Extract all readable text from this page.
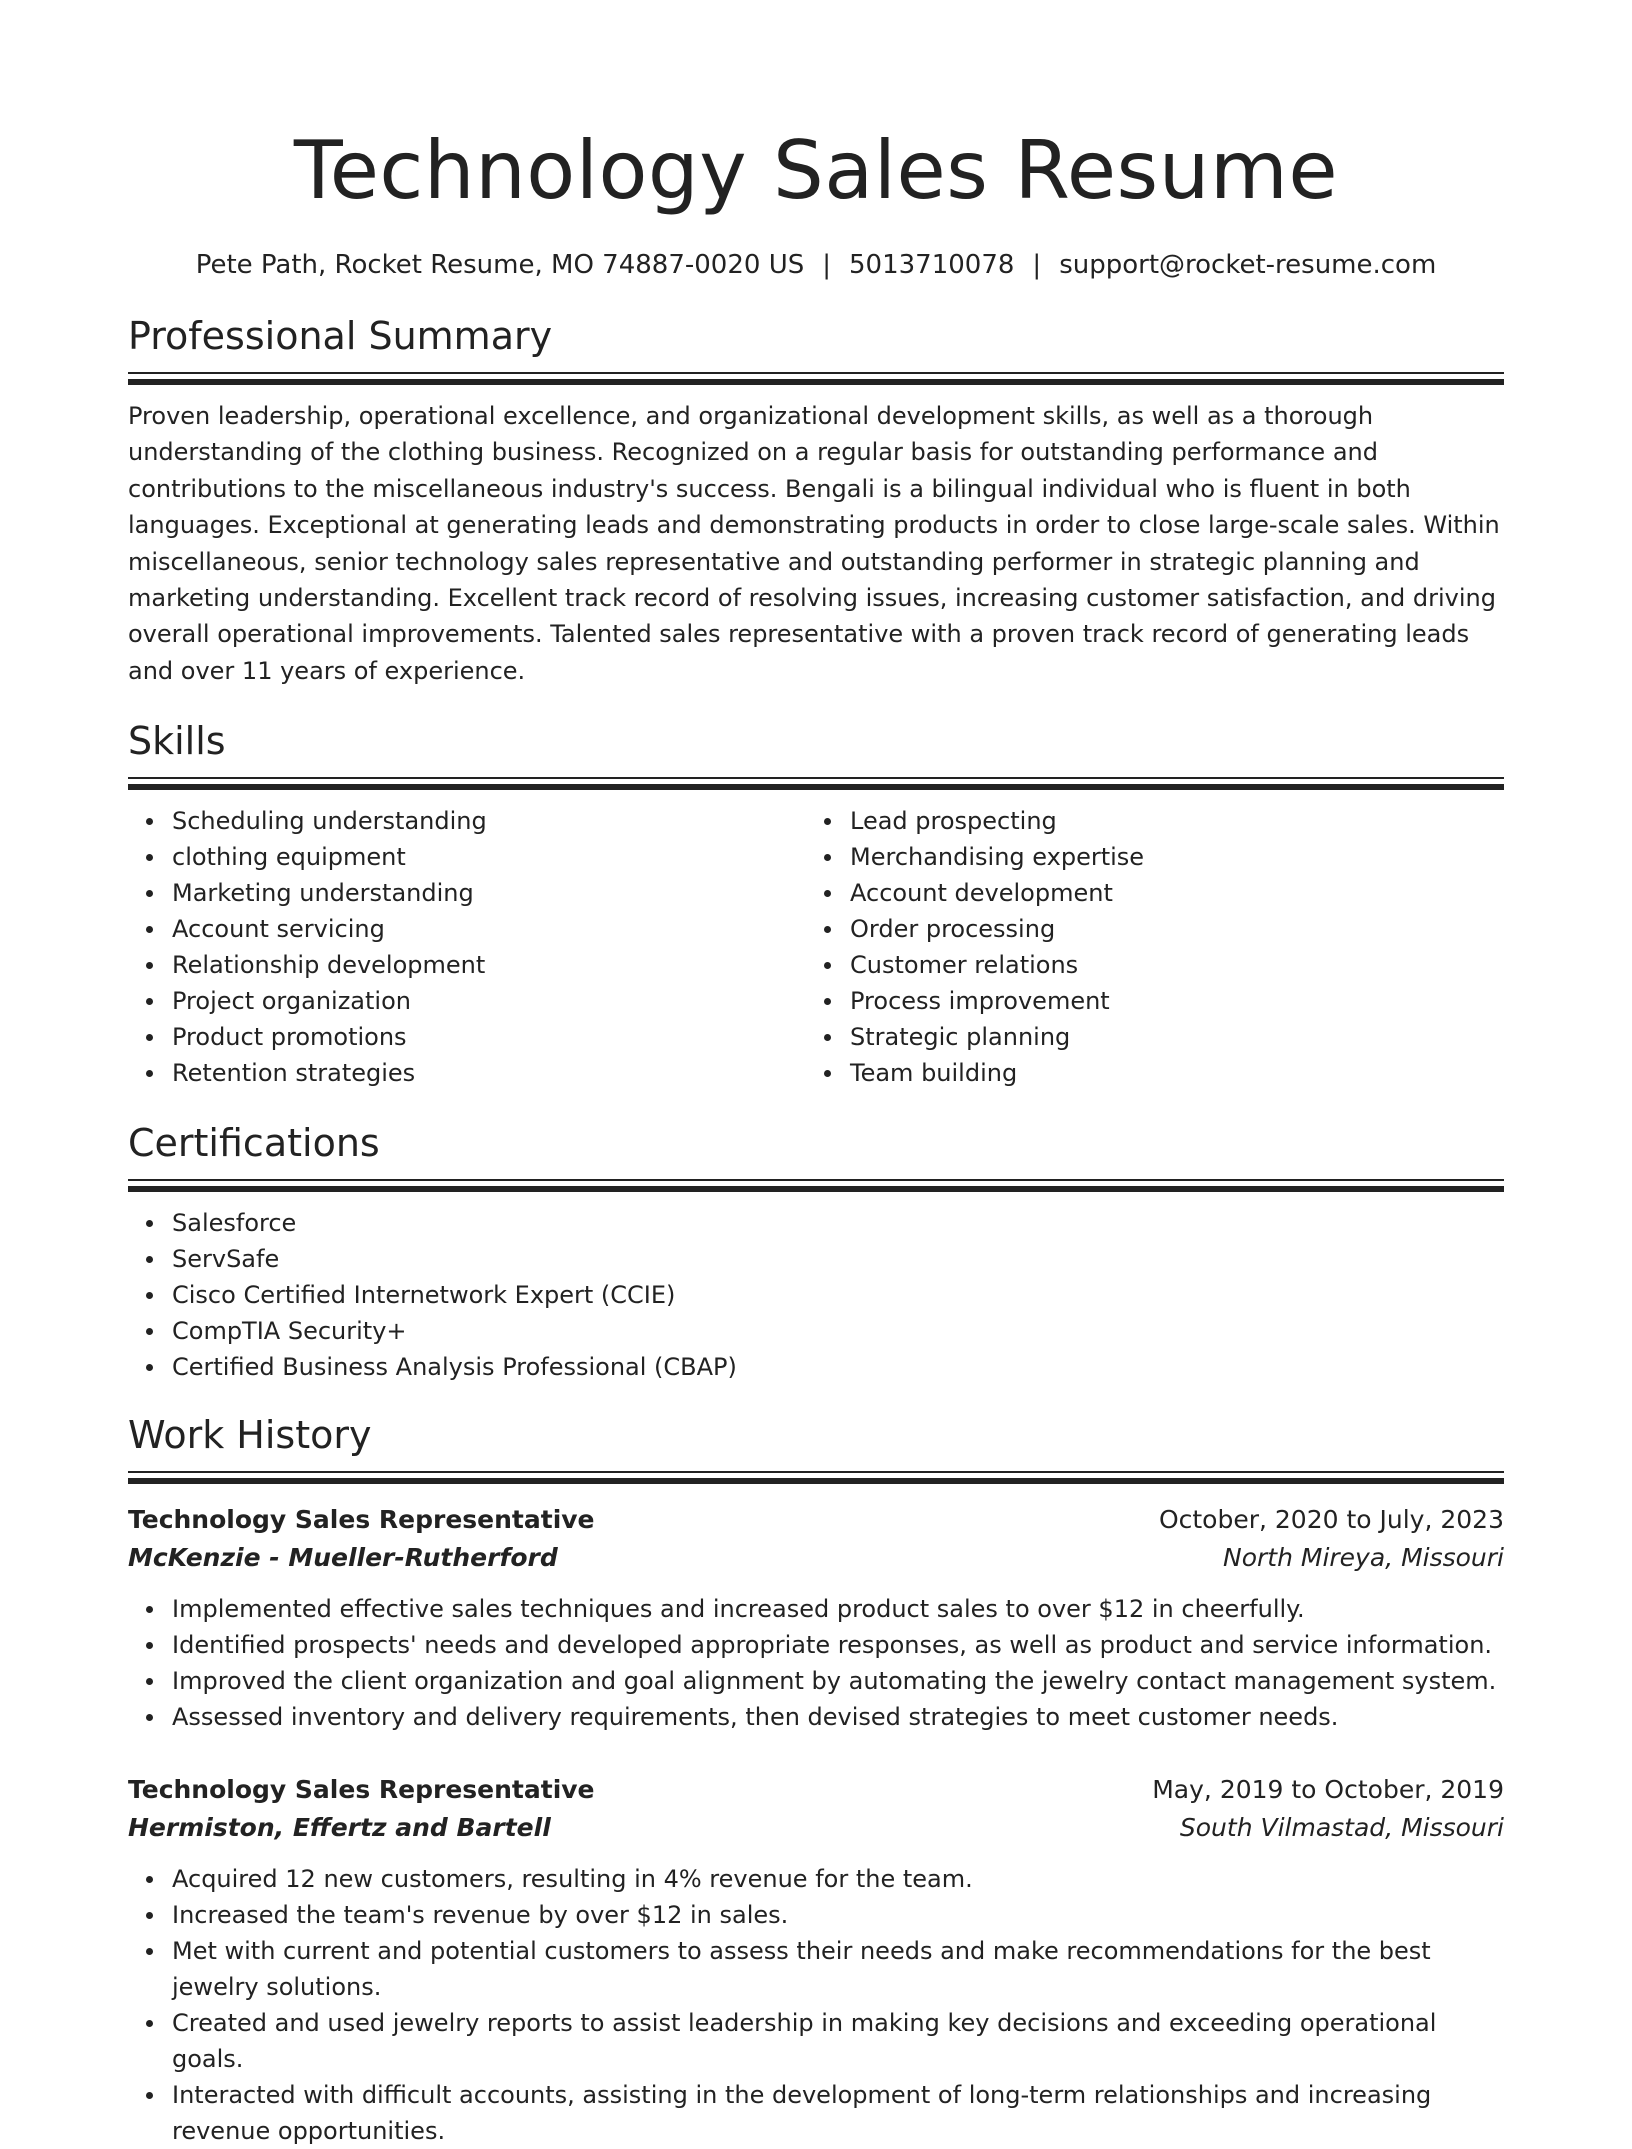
Technology Sales Resume
Pete Path, Rocket Resume, MO 74887-0020 US | 5013710078 | support@rocket-resume.com
Professional Summary

Proven leadership, operational excellence, and organizational development skills, as well as a thorough understanding of the clothing business. Recognized on a regular basis for outstanding performance and contributions to the miscellaneous industry's success. Bengali is a bilingual individual who is fluent in both languages. Exceptional at generating leads and demonstrating products in order to close large-scale sales. Within miscellaneous, senior technology sales representative and outstanding performer in strategic planning and marketing understanding. Excellent track record of resolving issues, increasing customer satisfaction, and driving overall operational improvements. Talented sales representative with a proven track record of generating leads and over 11 years of experience.

Skills
Scheduling understanding
clothing equipment
Marketing understanding
Account servicing
Relationship development
Project organization
Product promotions
Retention strategies
Lead prospecting
Merchandising expertise
Account development
Order processing
Customer relations
Process improvement
Strategic planning
Team building
Certifications
Salesforce
ServSafe
Cisco Certified Internetwork Expert (CCIE)
CompTIA Security+
Certified Business Analysis Professional (CBAP)
Work History
Technology Sales Representative	October, 2020 to July, 2023
McKenzie - Mueller-Rutherford	North Mireya, Missouri
Implemented effective sales techniques and increased product sales to over $12 in cheerfully.
Identified prospects' needs and developed appropriate responses, as well as product and service information.
Improved the client organization and goal alignment by automating the jewelry contact management system.
Assessed inventory and delivery requirements, then devised strategies to meet customer needs.
Technology Sales Representative	May, 2019 to October, 2019
Hermiston, Effertz and Bartell	South Vilmastad, Missouri
Acquired 12 new customers, resulting in 4% revenue for the team.
Increased the team's revenue by over $12 in sales.
Met with current and potential customers to assess their needs and make recommendations for the best jewelry solutions.
Created and used jewelry reports to assist leadership in making key decisions and exceeding operational goals.
Interacted with difficult accounts, assisting in the development of long-term relationships and increasing revenue opportunities.
